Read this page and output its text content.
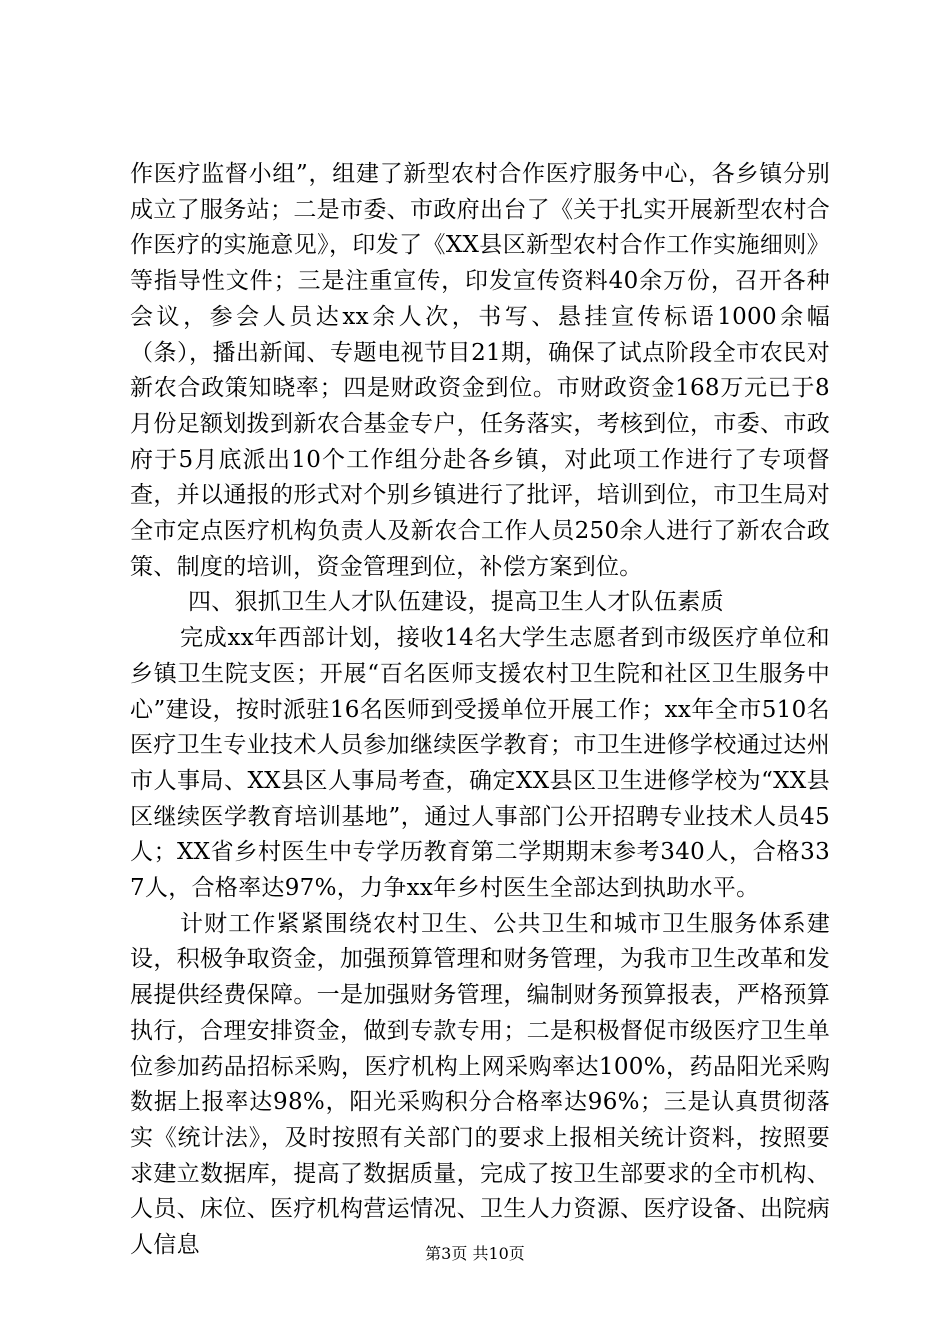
作医疗监督小组”，组建了新型农村合作医疗服务中心，各乡镇分别成立了服务站；二是市委、市政府出台了《关于扎实开展新型农村合作医疗的实施意见》，印发了《XX县区新型农村合作工作实施细则》等指导性文件；三是注重宣传，印发宣传资料40余万份，召开各种会议，参会人员达xx余人次，书写、悬挂宣传标语1000余幅（条），播出新闻、专题电视节目21期，确保了试点阶段全市农民对新农合政策知晓率；四是财政资金到位。市财政资金168万元已于8月份足额划拨到新农合基金专户，任务落实，考核到位，市委、市政府于5月底派出10个工作组分赴各乡镇，对此项工作进行了专项督查，并以通报的形式对个别乡镇进行了批评，培训到位，市卫生局对全市定点医疗机构负责人及新农合工作人员250余人进行了新农合政策、制度的培训，资金管理到位，补偿方案到位。

四、狠抓卫生人才队伍建设，提高卫生人才队伍素质

完成xx年西部计划，接收14名大学生志愿者到市级医疗单位和乡镇卫生院支医；开展“百名医师支援农村卫生院和社区卫生服务中心”建设，按时派驻16名医师到受援单位开展工作；xx年全市510名医疗卫生专业技术人员参加继续医学教育；市卫生进修学校通过达州市人事局、XX县区人事局考查，确定XX县区卫生进修学校为“XX县区继续医学教育培训基地”，通过人事部门公开招聘专业技术人员45人；XX省乡村医生中专学历教育第二学期期末参考340人，合格337人，合格率达97%，力争xx年乡村医生全部达到执助水平。

计财工作紧紧围绕农村卫生、公共卫生和城市卫生服务体系建设，积极争取资金，加强预算管理和财务管理，为我市卫生改革和发展提供经费保障。一是加强财务管理，编制财务预算报表，严格预算执行，合理安排资金，做到专款专用；二是积极督促市级医疗卫生单位参加药品招标采购，医疗机构上网采购率达100%，药品阳光采购数据上报率达98%，阳光采购积分合格率达96%；三是认真贯彻落实《统计法》，及时按照有关部门的要求上报相关统计资料，按照要求建立数据库，提高了数据质量，完成了按卫生部要求的全市机构、人员、床位、医疗机构营运情况、卫生人力资源、医疗设备、出院病人信息	第3页 共10页
